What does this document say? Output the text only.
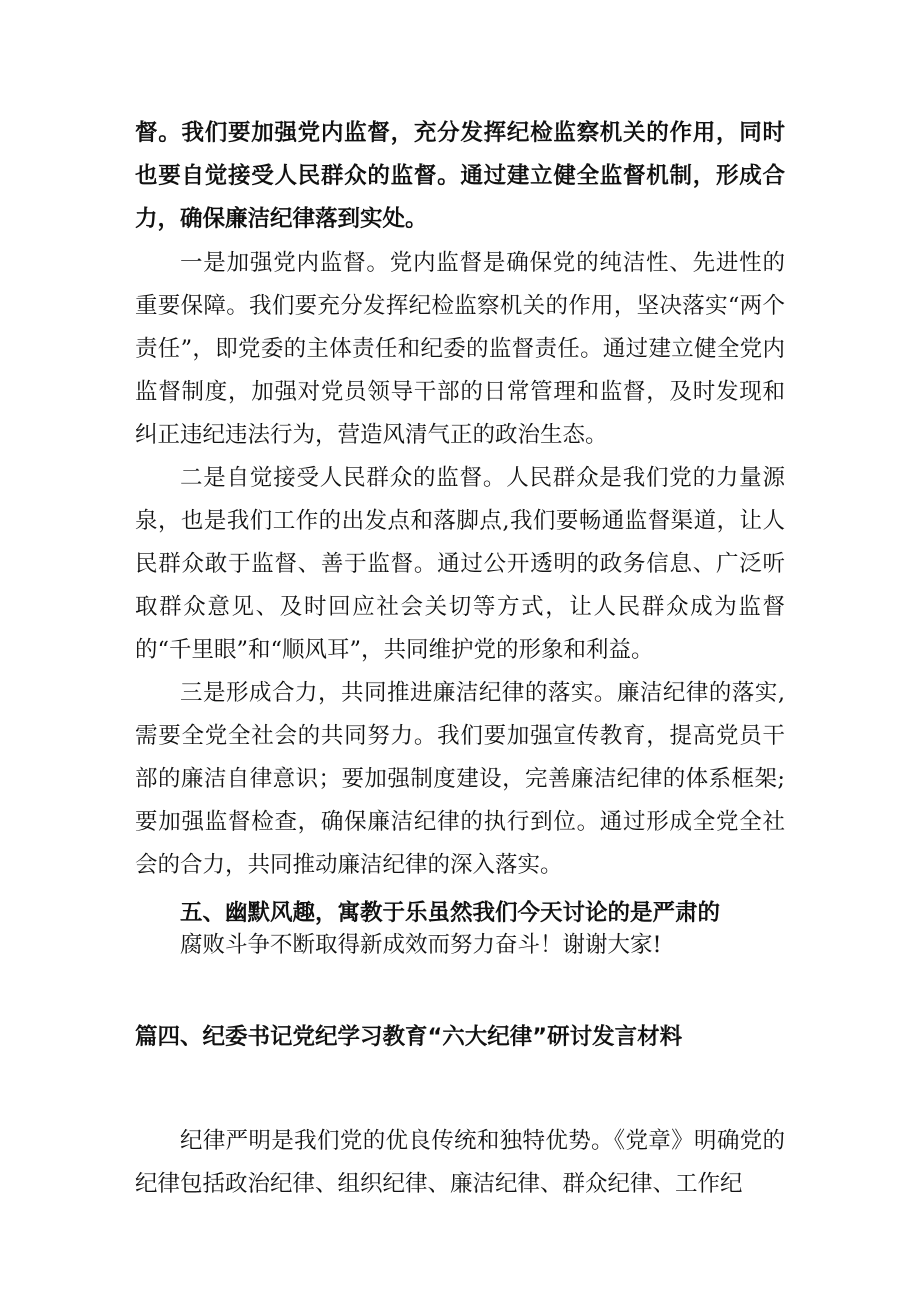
督。我们要加强党内监督，充分发挥纪检监察机关的作用，同时也要自觉接受人民群众的监督。通过建立健全监督机制，形成合力，确保廉洁纪律落到实处。

一是加强党内监督。党内监督是确保党的纯洁性、先进性的重要保障。我们要充分发挥纪检监察机关的作用，坚决落实“两个责任”，即党委的主体责任和纪委的监督责任。通过建立健全党内监督制度，加强对党员领导干部的日常管理和监督，及时发现和纠正违纪违法行为，营造风清气正的政治生态。

二是自觉接受人民群众的监督。人民群众是我们党的力量源泉，也是我们工作的出发点和落脚点,我们要畅通监督渠道，让人民群众敢于监督、善于监督。通过公开透明的政务信息、广泛听取群众意见、及时回应社会关切等方式，让人民群众成为监督的“千里眼”和“顺风耳”，共同维护党的形象和利益。

三是形成合力，共同推进廉洁纪律的落实。廉洁纪律的落实,需要全党全社会的共同努力。我们要加强宣传教育，提高党员干部的廉洁自律意识；要加强制度建设，完善廉洁纪律的体系框架;要加强监督检查，确保廉洁纪律的执行到位。通过形成全党全社会的合力，共同推动廉洁纪律的深入落实。

五、幽默风趣，寓教于乐虽然我们今天讨论的是严肃的

腐败斗争不断取得新成效而努力奋斗！谢谢大家!

篇四、纪委书记党纪学习教育“六大纪律”研讨发言材料

纪律严明是我们党的优良传统和独特优势。《党章》明确党的纪律包括政治纪律、组织纪律、廉洁纪律、群众纪律、工作纪
